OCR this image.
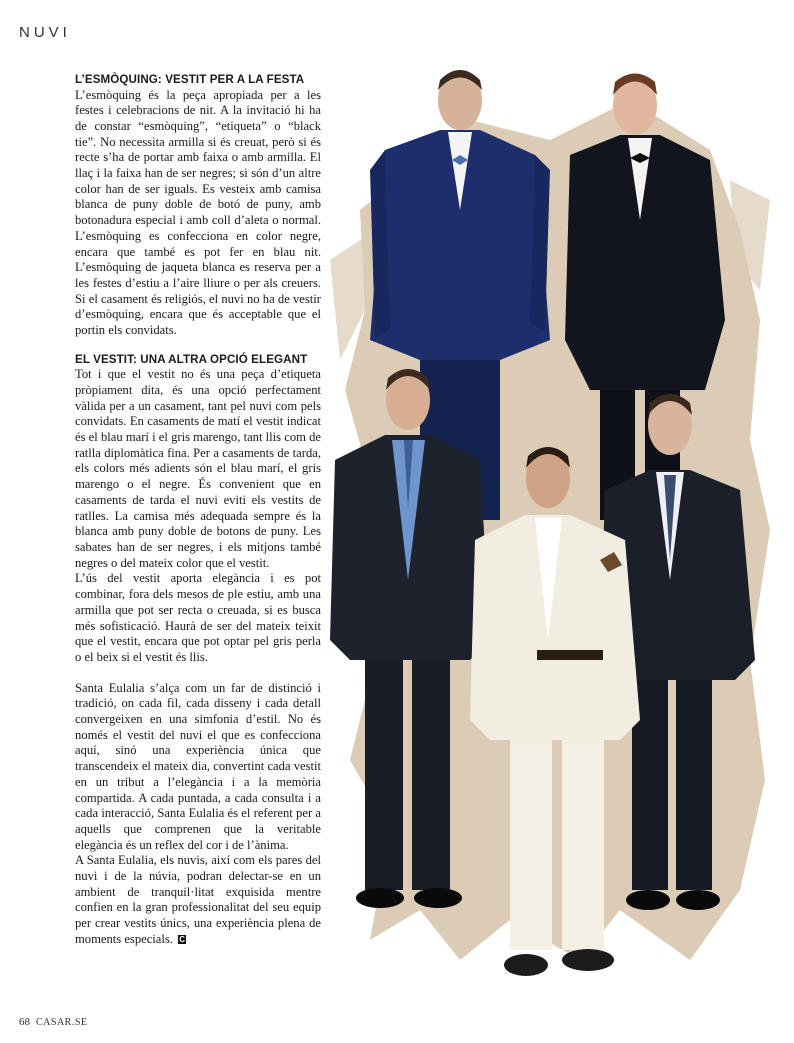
NUVI
L’ESMÒQUING: VESTIT PER A LA FESTA

L’esmòquing és la peça apropiada per a les festes i celebracions de nit. A la invitació hi ha de constar “esmòquing”, “etiqueta” o “black tie”. No necessita armilla si és creuat, però si és recte s’ha de portar amb faixa o amb armilla. El llaç i la faixa han de ser negres; si són d’un altre color han de ser iguals. Es vesteix amb camisa blanca de puny doble de botó de puny, amb botonadura especial i amb coll d’aleta o normal. L’esmòquing es confecciona en color negre, encara que també es pot fer en blau nit. L’esmòquing de jaqueta blanca es reserva per a les festes d’estiu a l’aire lliure o per als creuers. Si el casament és religiós, el nuvi no ha de vestir d’esmòquing, encara que és acceptable que el portin els convidats.

EL VESTIT: UNA ALTRA OPCIÓ ELEGANT

Tot i que el vestit no és una peça d’etiqueta pròpiament dita, és una opció perfectament vàlida per a un casament, tant pel nuvi com pels convidats. En casaments de matí el vestit indicat és el blau marí i el gris marengo, tant llis com de ratlla diplomàtica fina. Per a casaments de tarda, els colors més adients són el blau marí, el gris marengo o el negre. És convenient que en casaments de tarda el nuvi eviti els vestits de ratlles. La camisa més adequada sempre és la blanca amb puny doble de botons de puny. Les sabates han de ser negres, i els mitjons també negres o del mateix color que el vestit.

L’ús del vestit aporta elegància i es pot combinar, fora dels mesos de ple estiu, amb una armilla que pot ser recta o creuada, si es busca més sofisticació. Haurà de ser del mateix teixit que el vestit, encara que pot optar pel gris perla o el beix si el vestit és llis.

Santa Eulalia s’alça com un far de distinció i tradició, on cada fil, cada disseny i cada detall convergeixen en una simfonia d’estil. No és només el vestit del nuvi el que es confecciona aquí, sinó una experiència única que transcendeix el mateix dia, convertint cada vestit en un tribut a l’elegància i a la memòria compartida. A cada puntada, a cada consulta i a cada interacció, Santa Eulalia és el referent per a aquells que comprenen que la veritable elegància és un reflex del cor i de l’ànima.

A Santa Eulalia, els nuvis, així com els pares del nuvi i de la núvia, podran delectar-se en un ambient de tranquil·litat exquisida mentre confien en la gran professionalitat del seu equip per crear vestits únics, una experiència plena de moments especials. C

68 CASAR.SE
